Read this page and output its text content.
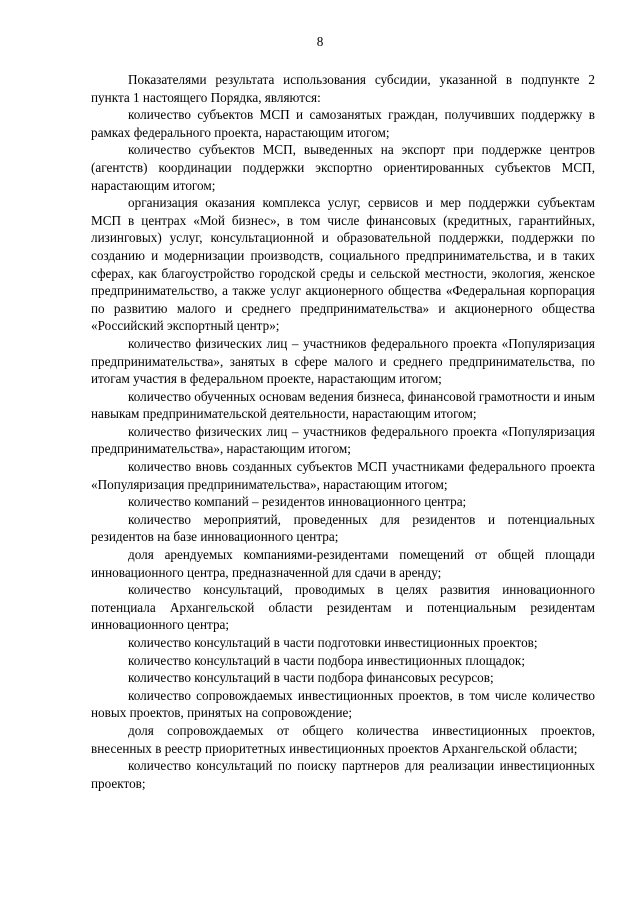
8

Показателями результата использования субсидии, указанной в подпункте 2 пункта 1 настоящего Порядка, являются:

количество субъектов МСП и самозанятых граждан, получивших поддержку в рамках федерального проекта, нарастающим итогом;

количество субъектов МСП, выведенных на экспорт при поддержке центров (агентств) координации поддержки экспортно ориентированных субъектов МСП, нарастающим итогом;

организация оказания комплекса услуг, сервисов и мер поддержки субъектам МСП в центрах «Мой бизнес», в том числе финансовых (кредитных, гарантийных, лизинговых) услуг, консультационной и образовательной поддержки, поддержки по созданию и модернизации производств, социального предпринимательства, и в таких сферах, как благоустройство городской среды и сельской местности, экология, женское предпринимательство, а также услуг акционерного общества «Федеральная корпорация по развитию малого и среднего предпринимательства» и акционерного общества «Российский экспортный центр»;

количество физических лиц – участников федерального проекта «Популяризация предпринимательства», занятых в сфере малого и среднего предпринимательства, по итогам участия в федеральном проекте, нарастающим итогом;

количество обученных основам ведения бизнеса, финансовой грамотности и иным навыкам предпринимательской деятельности, нарастающим итогом;

количество физических лиц – участников федерального проекта «Популяризация предпринимательства», нарастающим итогом;

количество вновь созданных субъектов МСП участниками федерального проекта «Популяризация предпринимательства», нарастающим итогом;

количество компаний – резидентов инновационного центра;

количество мероприятий, проведенных для резидентов и потенциальных резидентов на базе инновационного центра;

доля арендуемых компаниями-резидентами помещений от общей площади инновационного центра, предназначенной для сдачи в аренду;

количество консультаций, проводимых в целях развития инновационного потенциала Архангельской области резидентам и потенциальным резидентам инновационного центра;

количество консультаций в части подготовки инвестиционных проектов;

количество консультаций в части подбора инвестиционных площадок;

количество консультаций в части подбора финансовых ресурсов;

количество сопровождаемых инвестиционных проектов, в том числе количество новых проектов, принятых на сопровождение;

доля сопровождаемых от общего количества инвестиционных проектов, внесенных в реестр приоритетных инвестиционных проектов Архангельской области;

количество консультаций по поиску партнеров для реализации инвестиционных проектов;
